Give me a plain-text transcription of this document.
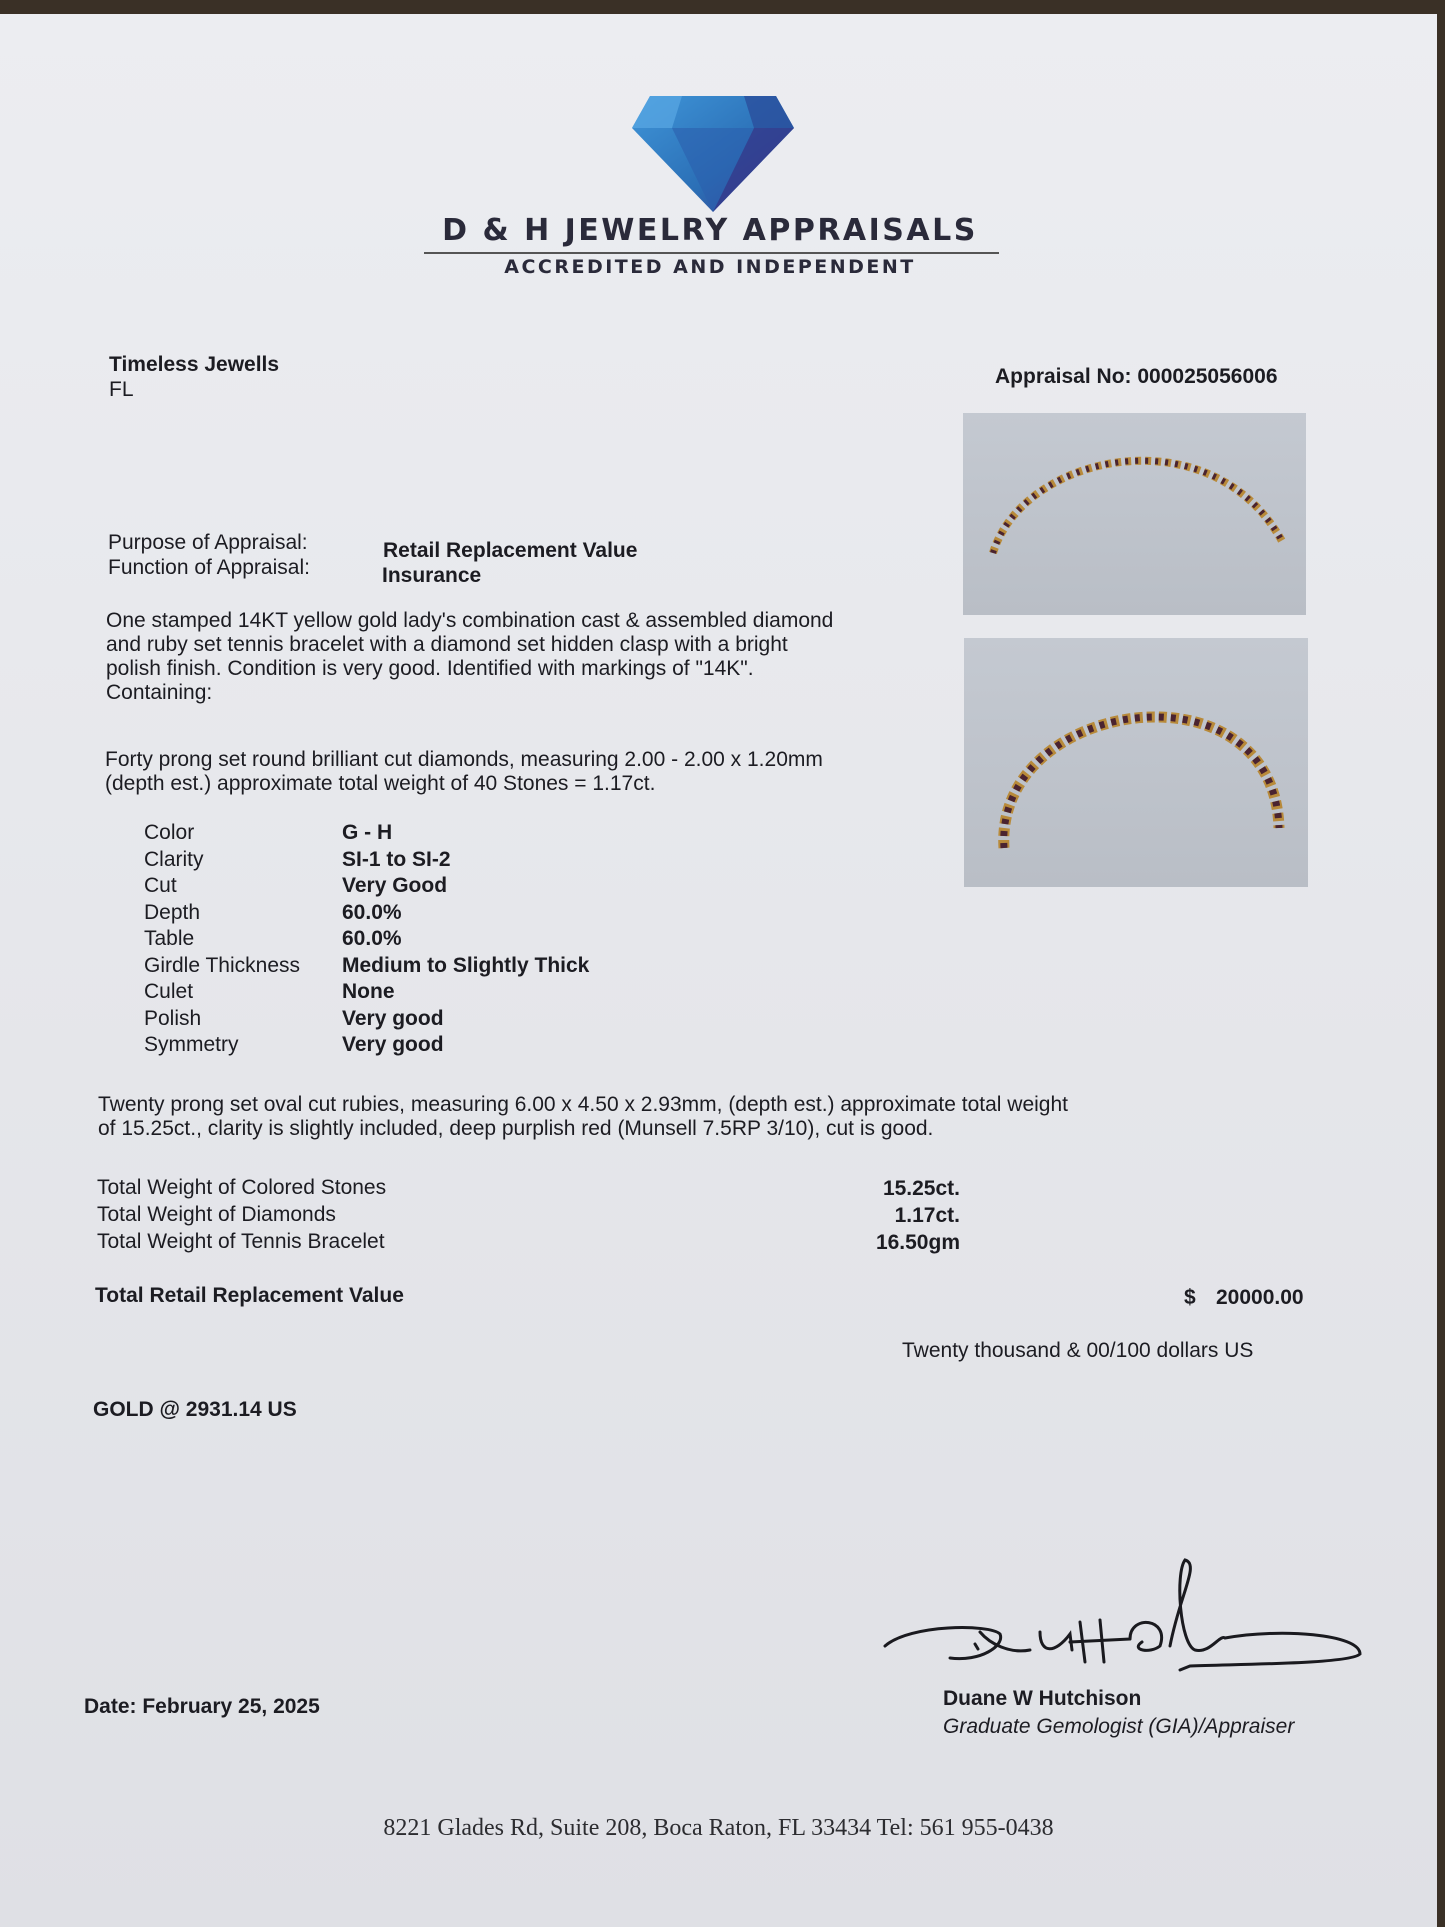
D & H JEWELRY APPRAISALS
ACCREDITED AND INDEPENDENT
Timeless Jewells
FL
Appraisal No: 000025056006
Purpose of Appraisal:	Retail Replacement Value
Function of Appraisal:	Insurance
One stamped 14KT yellow gold lady's combination cast & assembled diamond
and ruby set tennis bracelet with a diamond set hidden clasp with a bright
polish finish. Condition is very good. Identified with markings of "14K".
Containing:
Forty prong set round brilliant cut diamonds, measuring 2.00 - 2.00 x 1.20mm
(depth est.) approximate total weight of 40 Stones = 1.17ct.
Color	G - H
Clarity	SI-1 to SI-2
Cut	Very Good
Depth	60.0%
Table	60.0%
Girdle Thickness	Medium to Slightly Thick
Culet	None
Polish	Very good
Symmetry	Very good
Twenty prong set oval cut rubies, measuring 6.00 x 4.50 x 2.93mm, (depth est.) approximate total weight
of 15.25ct., clarity is slightly included, deep purplish red (Munsell 7.5RP 3/10), cut is good.
Total Weight of Colored Stones	15.25ct.
Total Weight of Diamonds	1.17ct.
Total Weight of Tennis Bracelet	16.50gm
Total Retail Replacement Value	$ 20000.00
Twenty thousand & 00/100 dollars US
GOLD @ 2931.14 US
Duane W Hutchison
Graduate Gemologist (GIA)/Appraiser
Date: February 25, 2025
8221 Glades Rd, Suite 208, Boca Raton, FL 33434 Tel: 561 955-0438
